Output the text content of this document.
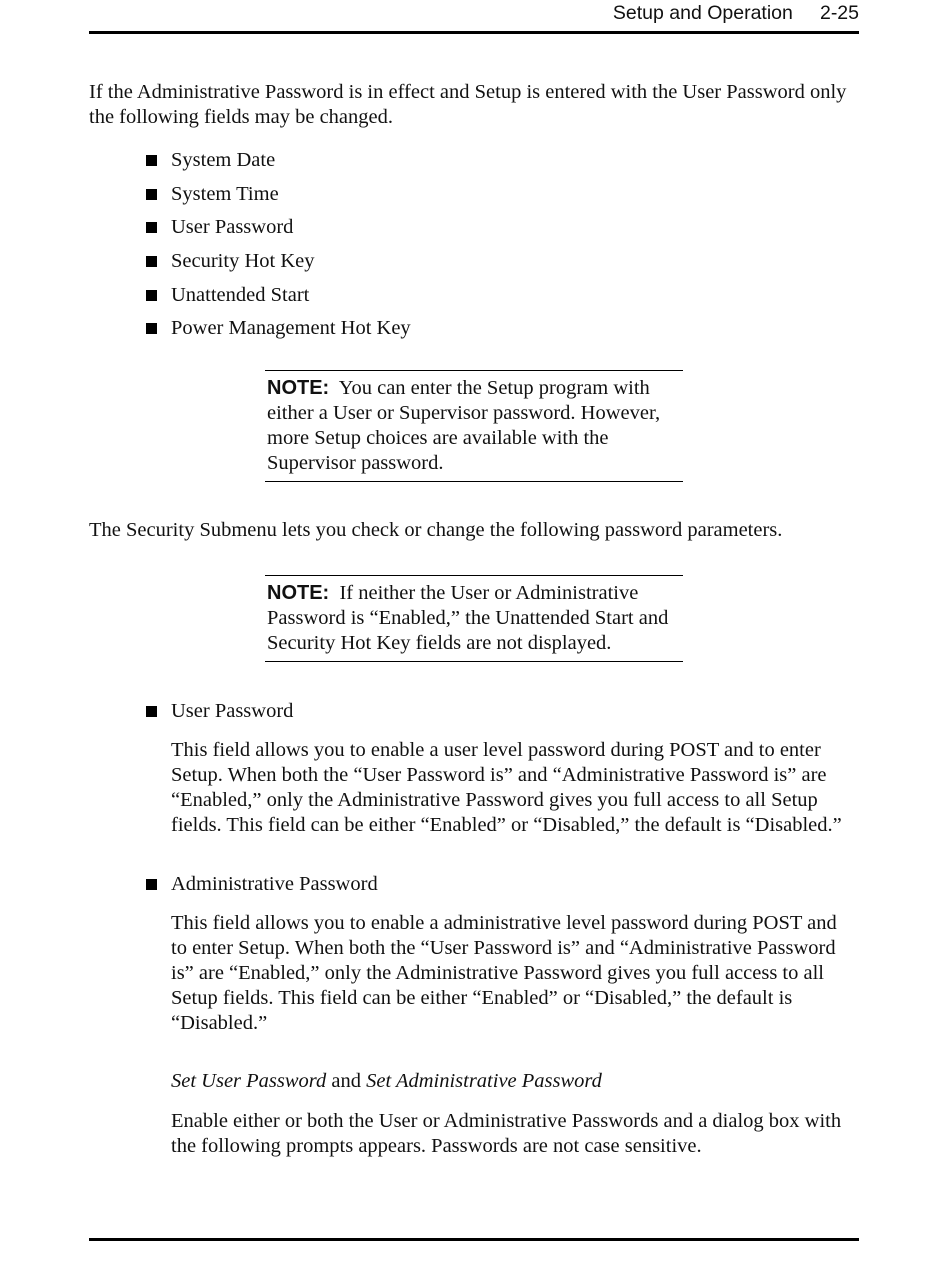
Setup and Operation 2-25

If the Administrative Password is in effect and Setup is entered with the User Password only the following fields may be changed.

System Date
System Time
User Password
Security Hot Key
Unattended Start
Power Management Hot Key
NOTE: You can enter the Setup program with either a User or Supervisor password. However, more Setup choices are available with the Supervisor password.

The Security Submenu lets you check or change the following password parameters.

NOTE: If neither the User or Administrative Password is “Enabled,” the Unattended Start and Security Hot Key fields are not displayed.
User Password

This field allows you to enable a user level password during POST and to enter Setup. When both the “User Password is” and “Administrative Password is” are “Enabled,” only the Administrative Password gives you full access to all Setup fields. This field can be either “Enabled” or “Disabled,” the default is “Disabled.”

Administrative Password

This field allows you to enable a administrative level password during POST and to enter Setup. When both the “User Password is” and “Administrative Password is” are “Enabled,” only the Administrative Password gives you full access to all Setup fields. This field can be either “Enabled” or “Disabled,” the default is “Disabled.”

Set User Password and Set Administrative Password

Enable either or both the User or Administrative Passwords and a dialog box with the following prompts appears. Passwords are not case sensitive.
